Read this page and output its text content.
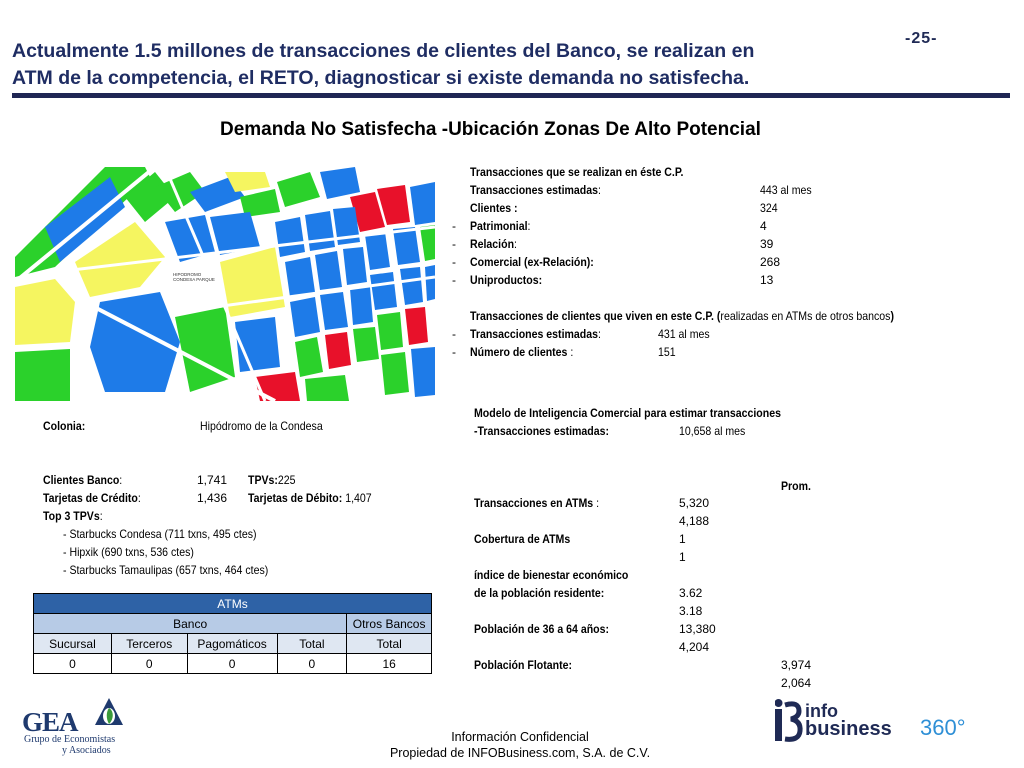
-25-
Actualmente 1.5 millones de transacciones de clientes del Banco, se realizan en
ATM de la competencia, el RETO, diagnosticar si existe demanda no satisfecha.
Demanda No Satisfecha -Ubicación Zonas De Alto Potencial
HIPODROMO CONDESA PARQUE
Transacciones que se realizan en éste C.P.
Transacciones estimadas:	443 al mes
Clientes :	324
- Patrimonial:	4
- Relación:	39
- Comercial (ex-Relación):	268
- Uniproductos:	13
Transacciones de clientes que viven en este C.P. (realizadas en ATMs de otros bancos)
- Transacciones estimadas:	431 al mes
- Número de clientes :	151
Modelo de Inteligencia Comercial para estimar transacciones
-Transacciones estimadas:	10,658 al mes
Prom.
Transacciones en ATMs :	5,320
4,188
Cobertura de ATMs	1
1
índice de bienestar económico
de la población residente:	3.62
3.18
Población de 36 a 64 años:	13,380
4,204
Población Flotante:	3,974
2,064
Colonia:	Hipódromo de la Condesa
Clientes Banco:	1,741 TPVs:225
Tarjetas de Crédito:	1,436 Tarjetas de Débito: 1,407
Top 3 TPVs:
- Starbucks Condesa (711 txns, 495 ctes)
- Hipxik (690 txns, 536 ctes)
- Starbucks Tamaulipas (657 txns, 464 ctes)
ATMs				
Banco				Otros Bancos
Sucursal	Terceros	Pagomáticos	Total	Total
0	0	0	0	16
GEA
Grupo de Economistas
y Asociados
Información Confidencial
Propiedad de INFOBusiness.com, S.A. de C.V.
info
business 360°
